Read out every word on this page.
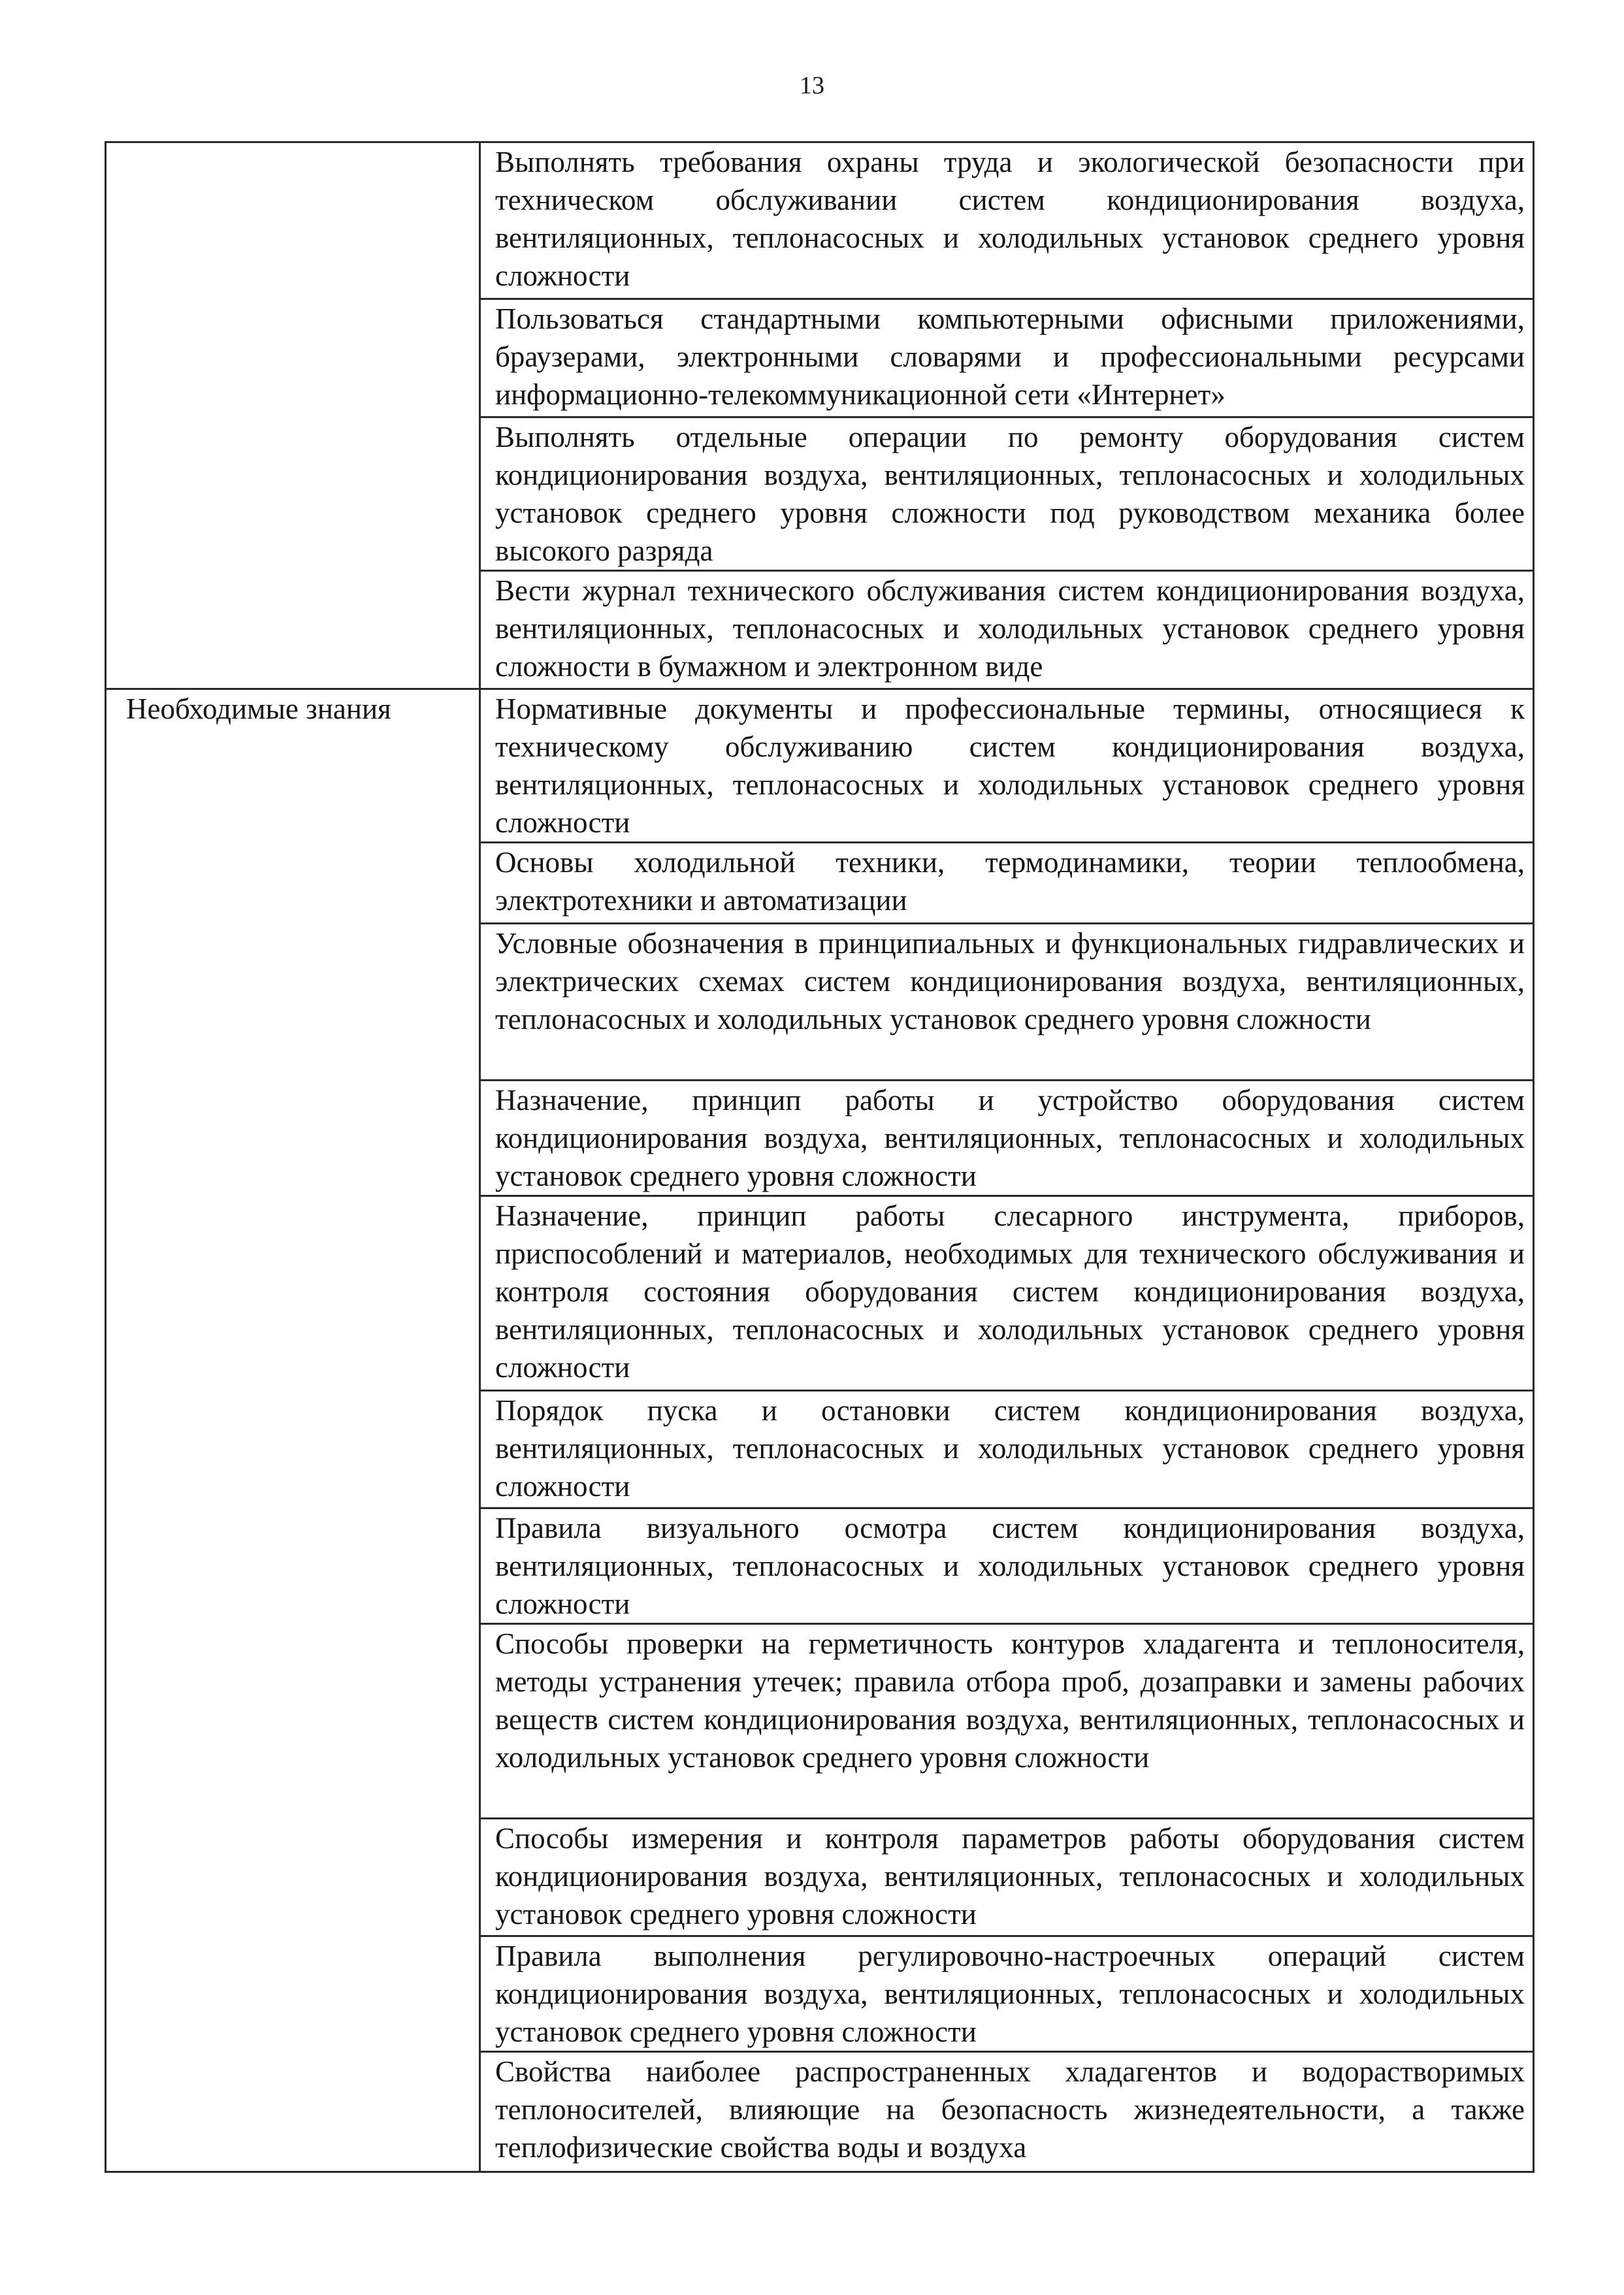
13
	Выполнять требования охраны труда и экологической безопасности при техническом обслуживании систем кондиционирования воздуха, вентиляционных, теплонасосных и холодильных установок среднего уровня сложности
	Пользоваться стандартными компьютерными офисными приложениями, браузерами, электронными словарями и профессиональными ресурсами информационно-телекоммуникационной сети «Интернет»
	Выполнять отдельные операции по ремонту оборудования систем кондиционирования воздуха, вентиляционных, теплонасосных и холодильных установок среднего уровня сложности под руководством механика более высокого разряда
	Вести журнал технического обслуживания систем кондиционирования воздуха, вентиляционных, теплонасосных и холодильных установок среднего уровня сложности в бумажном и электронном виде
Необходимые знания	Нормативные документы и профессиональные термины, относящиеся к техническому обслуживанию систем кондиционирования воздуха, вентиляционных, теплонасосных и холодильных установок среднего уровня сложности
	Основы холодильной техники, термодинамики, теории теплообмена, электротехники и автоматизации
	Условные обозначения в принципиальных и функциональных гидравлических и электрических схемах систем кондиционирования воздуха, вентиляционных, теплонасосных и холодильных установок среднего уровня сложности
	Назначение, принцип работы и устройство оборудования систем кондиционирования воздуха, вентиляционных, теплонасосных и холодильных установок среднего уровня сложности
	Назначение, принцип работы слесарного инструмента, приборов, приспособлений и материалов, необходимых для технического обслуживания и контроля состояния оборудования систем кондиционирования воздуха, вентиляционных, теплонасосных и холодильных установок среднего уровня сложности
	Порядок пуска и остановки систем кондиционирования воздуха, вентиляционных, теплонасосных и холодильных установок среднего уровня сложности
	Правила визуального осмотра систем кондиционирования воздуха, вентиляционных, теплонасосных и холодильных установок среднего уровня сложности
	Способы проверки на герметичность контуров хладагента и теплоносителя, методы устранения утечек; правила отбора проб, дозаправки и замены рабочих веществ систем кондиционирования воздуха, вентиляционных, теплонасосных и холодильных установок среднего уровня сложности
	Способы измерения и контроля параметров работы оборудования систем кондиционирования воздуха, вентиляционных, теплонасосных и холодильных установок среднего уровня сложности
	Правила выполнения регулировочно-настроечных операций систем кондиционирования воздуха, вентиляционных, теплонасосных и холодильных установок среднего уровня сложности
	Свойства наиболее распространенных хладагентов и водорастворимых теплоносителей, влияющие на безопасность жизнедеятельности, а также теплофизические свойства воды и воздуха
